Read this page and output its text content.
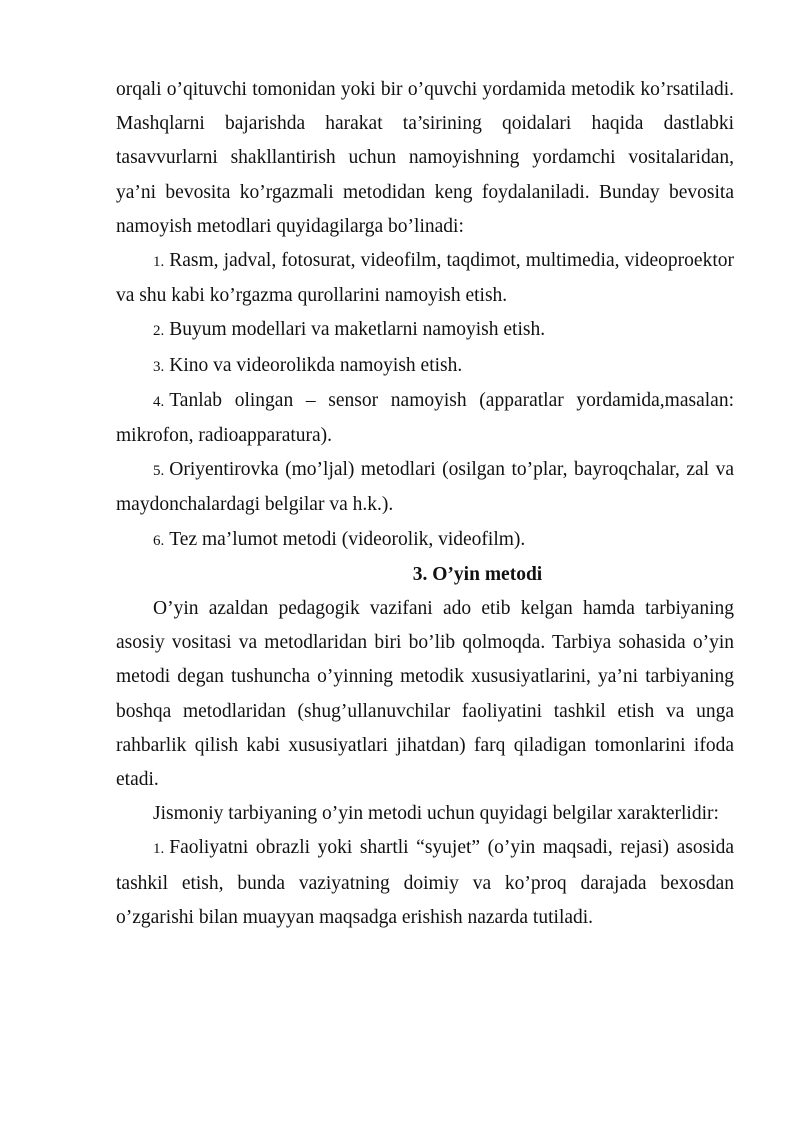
orqali o’qituvchi tomonidan yoki bir o’quvchi yordamida metodik ko’rsatiladi. Mashqlarni bajarishda harakat ta’sirining qoidalari haqida dastlabki tasavvurlarni shakllantirish uchun namoyishning yordamchi vositalaridan, ya’ni bevosita ko’rgazmali metodidan keng foydalaniladi. Bunday bevosita namoyish metodlari quyidagilarga bo’linadi:

1. Rasm, jadval, fotosurat, videofilm, taqdimot, multimedia, videoproektor va shu kabi ko’rgazma qurollarini namoyish etish.

2. Buyum modellari va maketlarni namoyish etish.

3. Kino va videorolikda namoyish etish.

4. Tanlab olingan – sensor namoyish (apparatlar yordamida,masalan: mikrofon, radioapparatura).

5. Oriyentirovka (mo’ljal) metodlari (osilgan to’plar, bayroqchalar, zal va maydonchalardagi belgilar va h.k.).

6. Tez ma’lumot metodi (videorolik, videofilm).

3. O’yin metodi

O’yin azaldan pedagogik vazifani ado etib kelgan hamda tarbiyaning asosiy vositasi va metodlaridan biri bo’lib qolmoqda. Tarbiya sohasida o’yin metodi degan tushuncha o’yinning metodik xususiyatlarini, ya’ni tarbiyaning boshqa metodlaridan (shug’ullanuvchilar faoliyatini tashkil etish va unga rahbarlik qilish kabi xususiyatlari jihatdan) farq qiladigan tomonlarini ifoda etadi.

Jismoniy tarbiyaning o’yin metodi uchun quyidagi belgilar xarakterlidir:

1. Faoliyatni obrazli yoki shartli “syujet” (o’yin maqsadi, rejasi) asosida tashkil etish, bunda vaziyatning doimiy va ko’proq darajada bexosdan o’zgarishi bilan muayyan maqsadga erishish nazarda tutiladi.
